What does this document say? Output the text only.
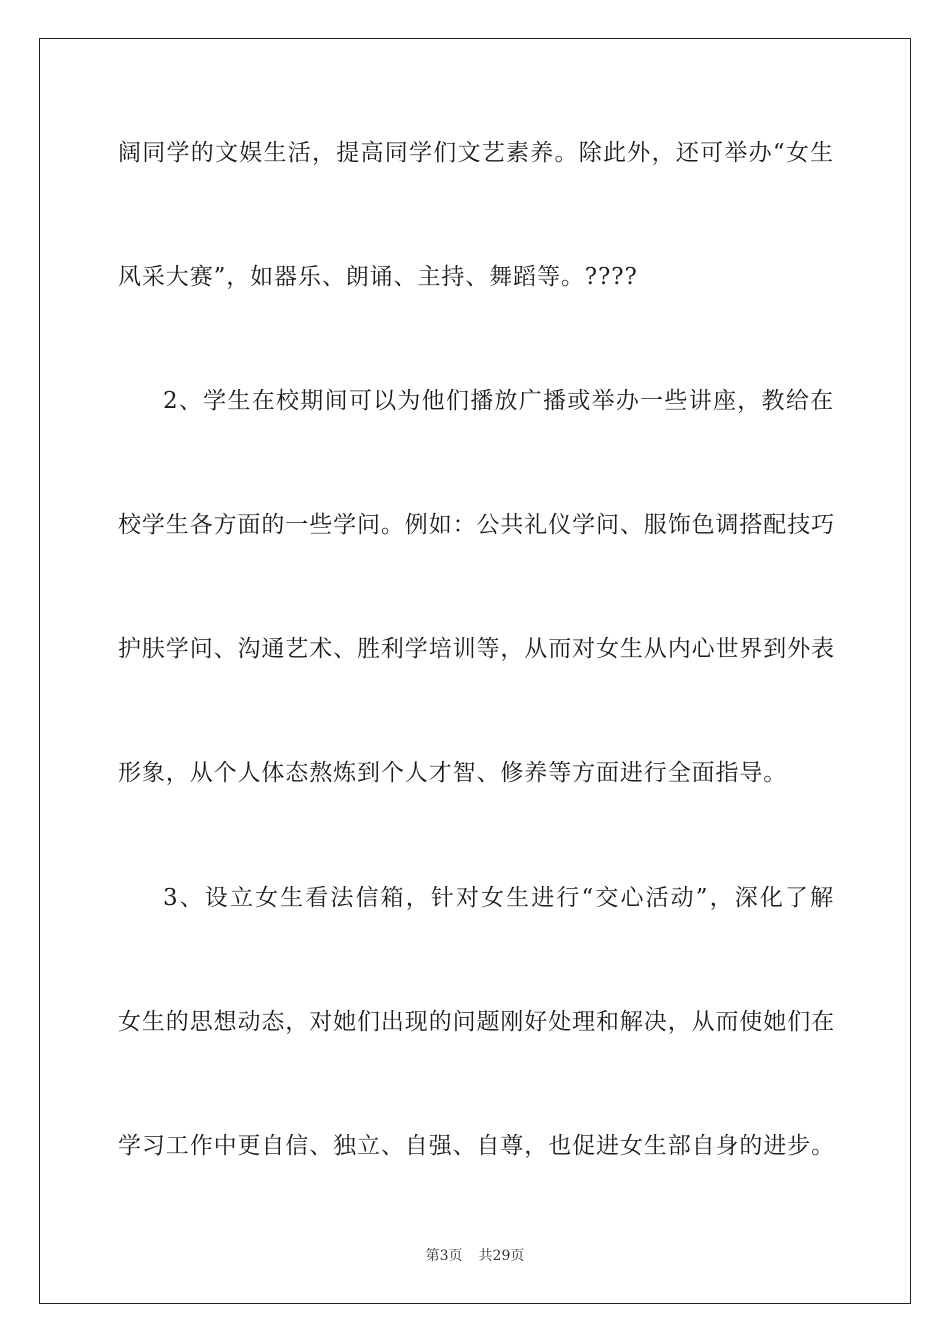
阔同学的文娱生活，提高同学们文艺素养。除此外，还可举办“女生
风采大赛”，如器乐、朗诵、主持、舞蹈等。????
2、学生在校期间可以为他们播放广播或举办一些讲座，教给在
校学生各方面的一些学问。例如：公共礼仪学问、服饰色调搭配技巧
护肤学问、沟通艺术、胜利学培训等，从而对女生从内心世界到外表
形象，从个人体态熬炼到个人才智、修养等方面进行全面指导。
3、设立女生看法信箱，针对女生进行“交心活动”，深化了解
女生的思想动态，对她们出现的问题刚好处理和解决，从而使她们在
学习工作中更自信、独立、自强、自尊，也促进女生部自身的进步。
第3页 共29页
